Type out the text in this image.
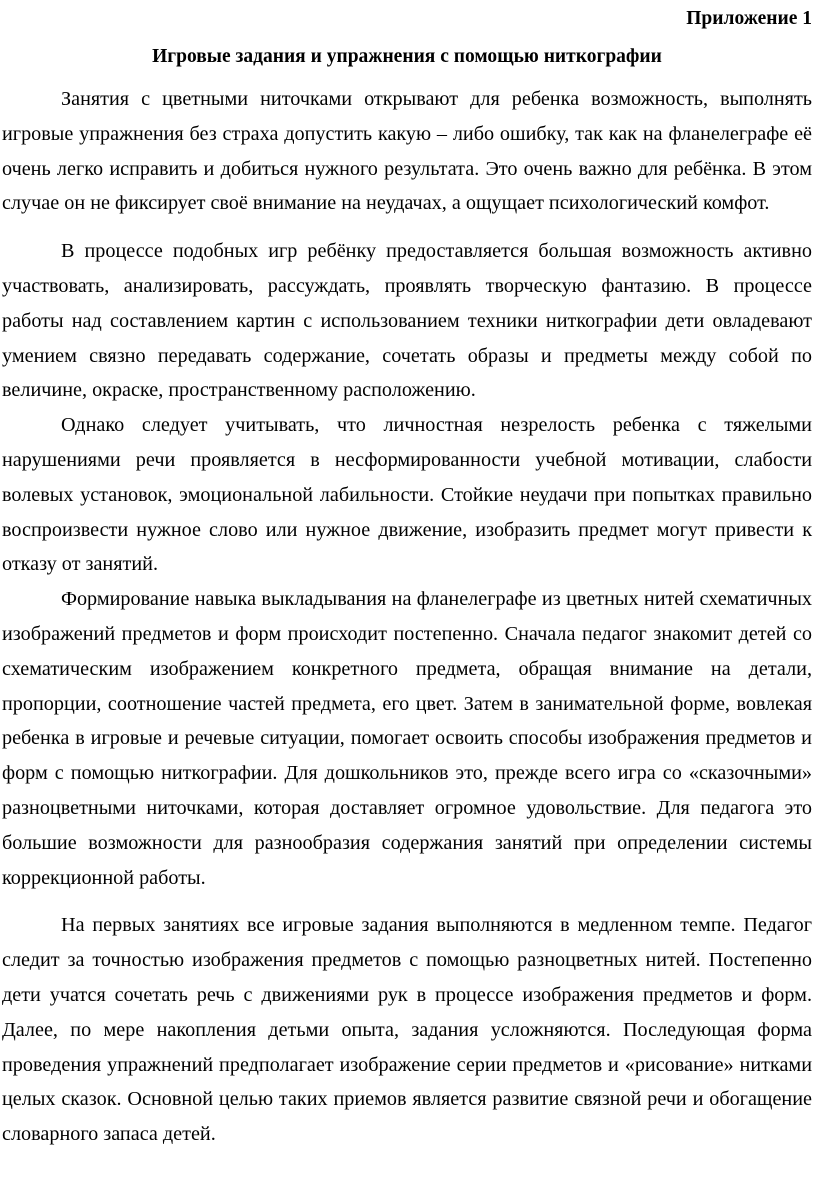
Приложение 1

Игровые задания и упражнения с помощью ниткографии

Занятия с цветными ниточками открывают для ребенка возможность, выполнять игровые упражнения без страха допустить какую – либо ошибку, так как на фланелеграфе её очень легко исправить и добиться нужного результата. Это очень важно для ребёнка. В этом случае он не фиксирует своё внимание на неудачах, а ощущает психологический комфот.

В процессе подобных игр ребёнку предоставляется большая возможность активно участвовать, анализировать, рассуждать, проявлять творческую фантазию. В процессе работы над составлением картин с использованием техники ниткографии дети овладевают умением связно передавать содержание, сочетать образы и предметы между собой по величине, окраске, пространственному расположению.

Однако следует учитывать, что личностная незрелость ребенка с тяжелыми нарушениями речи проявляется в несформированности учебной мотивации, слабости волевых установок, эмоциональной лабильности. Стойкие неудачи при попытках правильно воспроизвести нужное слово или нужное движение, изобразить предмет могут привести к отказу от занятий.

Формирование навыка выкладывания на фланелеграфе из цветных нитей схематичных изображений предметов и форм происходит постепенно. Сначала педагог знакомит детей со схематическим изображением конкретного предмета, обращая внимание на детали, пропорции, соотношение частей предмета, его цвет. Затем в занимательной форме, вовлекая ребенка в игровые и речевые ситуации, помогает освоить способы изображения предметов и форм с помощью ниткографии. Для дошкольников это, прежде всего игра со «сказочными» разноцветными ниточками, которая доставляет огромное удовольствие. Для педагога это большие возможности для разнообразия содержания занятий при определении системы коррекционной работы.

На первых занятиях все игровые задания выполняются в медленном темпе. Педагог следит за точностью изображения предметов с помощью разноцветных нитей. Постепенно дети учатся сочетать речь с движениями рук в процессе изображения предметов и форм. Далее, по мере накопления детьми опыта, задания усложняются. Последующая форма проведения упражнений предполагает изображение серии предметов и «рисование» нитками целых сказок. Основной целью таких приемов является развитие связной речи и обогащение словарного запаса детей.
